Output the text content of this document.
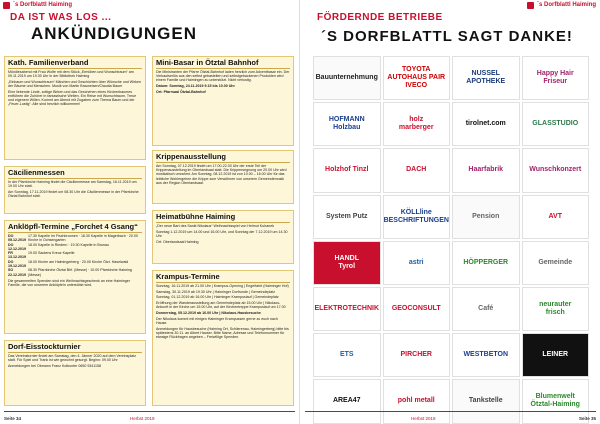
´s Dorfblattl Haiming
DA IST WAS LOS ...
ANKÜNDIGUNGEN
Kath. Familienverband

Mündlesabend mit Frau Wolfe mit dem Stück „Ermüben und Wunschtraum“ am 09.11.2019 um 19.30 Uhr in der Bibliothek Haiming

„Einbaum und Wunschtraum“ Märchen und Geschichten über Wünsche und Wirken der Bäume und Menschen. Musik von Martin Brauneisen/Claudia Bauer

Eine liebende Linde, zottige Birken und das Geschehen eines Kirchenbaumes entführen die Zuhörer in fantastische Welten. Ein Reise mit Wunschtraum, Treue und eigenem Willen. Kommt am Abend mit Zugaben zum Thema Baum und der „Feuer-Lustig“. Alle sind herzlich willkommen!

Cäcilienmessen

In der Pfarrkirche Haiming findet die Cäcilienmesse am Samstag, 16.11.2019 um 19.00 Uhr statt.

Am Sonntag, 17.11.2019 findet um 08.30 Uhr die Cäcilienmesse in der Pfarrkirche Ötztal Bahnhof statt.

Anklöpfl-Termine „Forchet 4 Gsang“
DO 05.12.2019
17.30 Kapelle Im Fischbrunnen · 18.30 Kapelle in Magerbach · 20.00 Kirche in Ochsengarten
DO 12.12.2019
18.00 Kapelle in Riedern · 19.30 Kapelle in Brunau
FR 13.12.2019
19.00 Sautens Kreuz Kapelle
DO 19.12.2019
18.00 Kirche am Haimingerberg · 20.00 Kirche Ötzt. Haselwald
SO 22.12.2019
08.30 Pfarrkirche Ötztal Bhf. (Messe) · 10.00 Pfarrkirche Haiming (Messe)

Die gesammelten Spenden sind ein Weihnachtsgeschenk an eine Haiminger Familie, die von unserem Anklöpfeln unterstützt wird.

Dorf-Eisstockturnier

Das Vereinsturnier findet am Samstag, den 4. Jänner 2020 auf dem Vereinsplatz statt. Für Spiel und Trank ist wie gewohnt gesorgt. Beginn: 09.00 Uhr

Anmeldungen bei Obmann Franz Kolbunter 0650 9341158

Mini-Basar in Ötztal Bahnhof

Die Ministranten der Pfarre Ötztal-Bahnhof laden herzlich zum Adventbasar ein. Der Verkaufserlös aus den selbst gebastelten und selbstgebackenen Produkten wird einem Familie und Haimingen zu unterstützt. Nicht verlustig.

Datum: Sonntag, 24.11.2019 9.15 bis 10.00 Uhr

Ort: Pfarrsaal Ötztal-Bahnhof

Krippenausstellung

Am Sonntag, 07.12.2019 findet um 17.00-22.00 Uhr der erste Teil der Krippenausstellung im Oberlandsaal statt. Die Krippensegnung um 20.00 Uhr wird musikalisch umrahmt. Am Sonntag, 08.12.2019 ist von 10.00 – 16.00 Uhr für das leibliche Wohlergehen die Krippe zum Verwöhnen von unserem Gemeindemusik aus der Region Oberlandsaal.

Heimatbühne Haiming

„Der neue Bart des Sankt Nikolaus“ Weihnachtsspiel von Helmut Kuhanek

Sonntag 1.12.2019 um 14.00 und 16.00 Uhr, und Sonntag der 7.12.2019 um 14.30 Uhr

Ort: Oberlandsaal Haiming

Krampus-Termine

Sonntag, 16.11.2019 ab 21.00 Uhr | Krampus-Opening | Engelfahrt (Haiminger Hof)

Samstag, 30.11.2019 ab 19.30 Uhr | Haiminger Dorfrunde | Gemeindeplatz

Sonntag, 01.12.2019 ab 16.00 Uhr | Haiminger Krampuslauf | Gemeindeplatz

Eröffnung der Wanderausstellung am Gemeindeplatz ab 15.00 Uhr | Nikolaus-Ankunft in der Kirche um 15.00 Uhr, auf der Kirchentreppe Krampuslauf um 17.00

Donnerstag, 05.12.2019 ab 16.00 Uhr | Nikolaus-Hausbesuche

Der Nikolaus kommt mit einigen Haiminger Krampussen gerne zu euch nach Hause.

Anmeldungen für Hausbesuche (Haiming Ort, Schlierenau, Haimingerberg) bitte bis spätestens 30.11. an Albert Hauser. Bitte Name, Adresse und Telefonnummer für etwaige Rückfragen angeben – Freiwillige Spenden.

Seite 34	Herbst 2019
´s Dorfblattl Haiming
FÖRDERNDE BETRIEBE
´S DORFBLATTL SAGT DANKE!
Bauunternehmung
TOYOTA
AUTOHAUS PAIR
IVECO
NUSSEL
APOTHEKE
Happy Hair
Friseur
HOFMANN
Holzbau
holz
marberger
tirolnet.com	GLASSTUDIO
Holzhof Tinzl	DACH	Haarfabrik	Wunschkonzert
System Putz
KÖLLline
BESCHRIFTUNGEN
Pension	AVT
HANDL
Tyrol
astri	HÖPPERGER	Gemeinde
ELEKTROTECHNIK	GEOCONSULT	Café
neurauter
frisch
ETS	PIRCHER	WESTBETON	LEINER
AREA47	pohl metall	Tankstelle
Blumenwelt
Ötztal-Haiming
Herbst 2019	Seite 35
